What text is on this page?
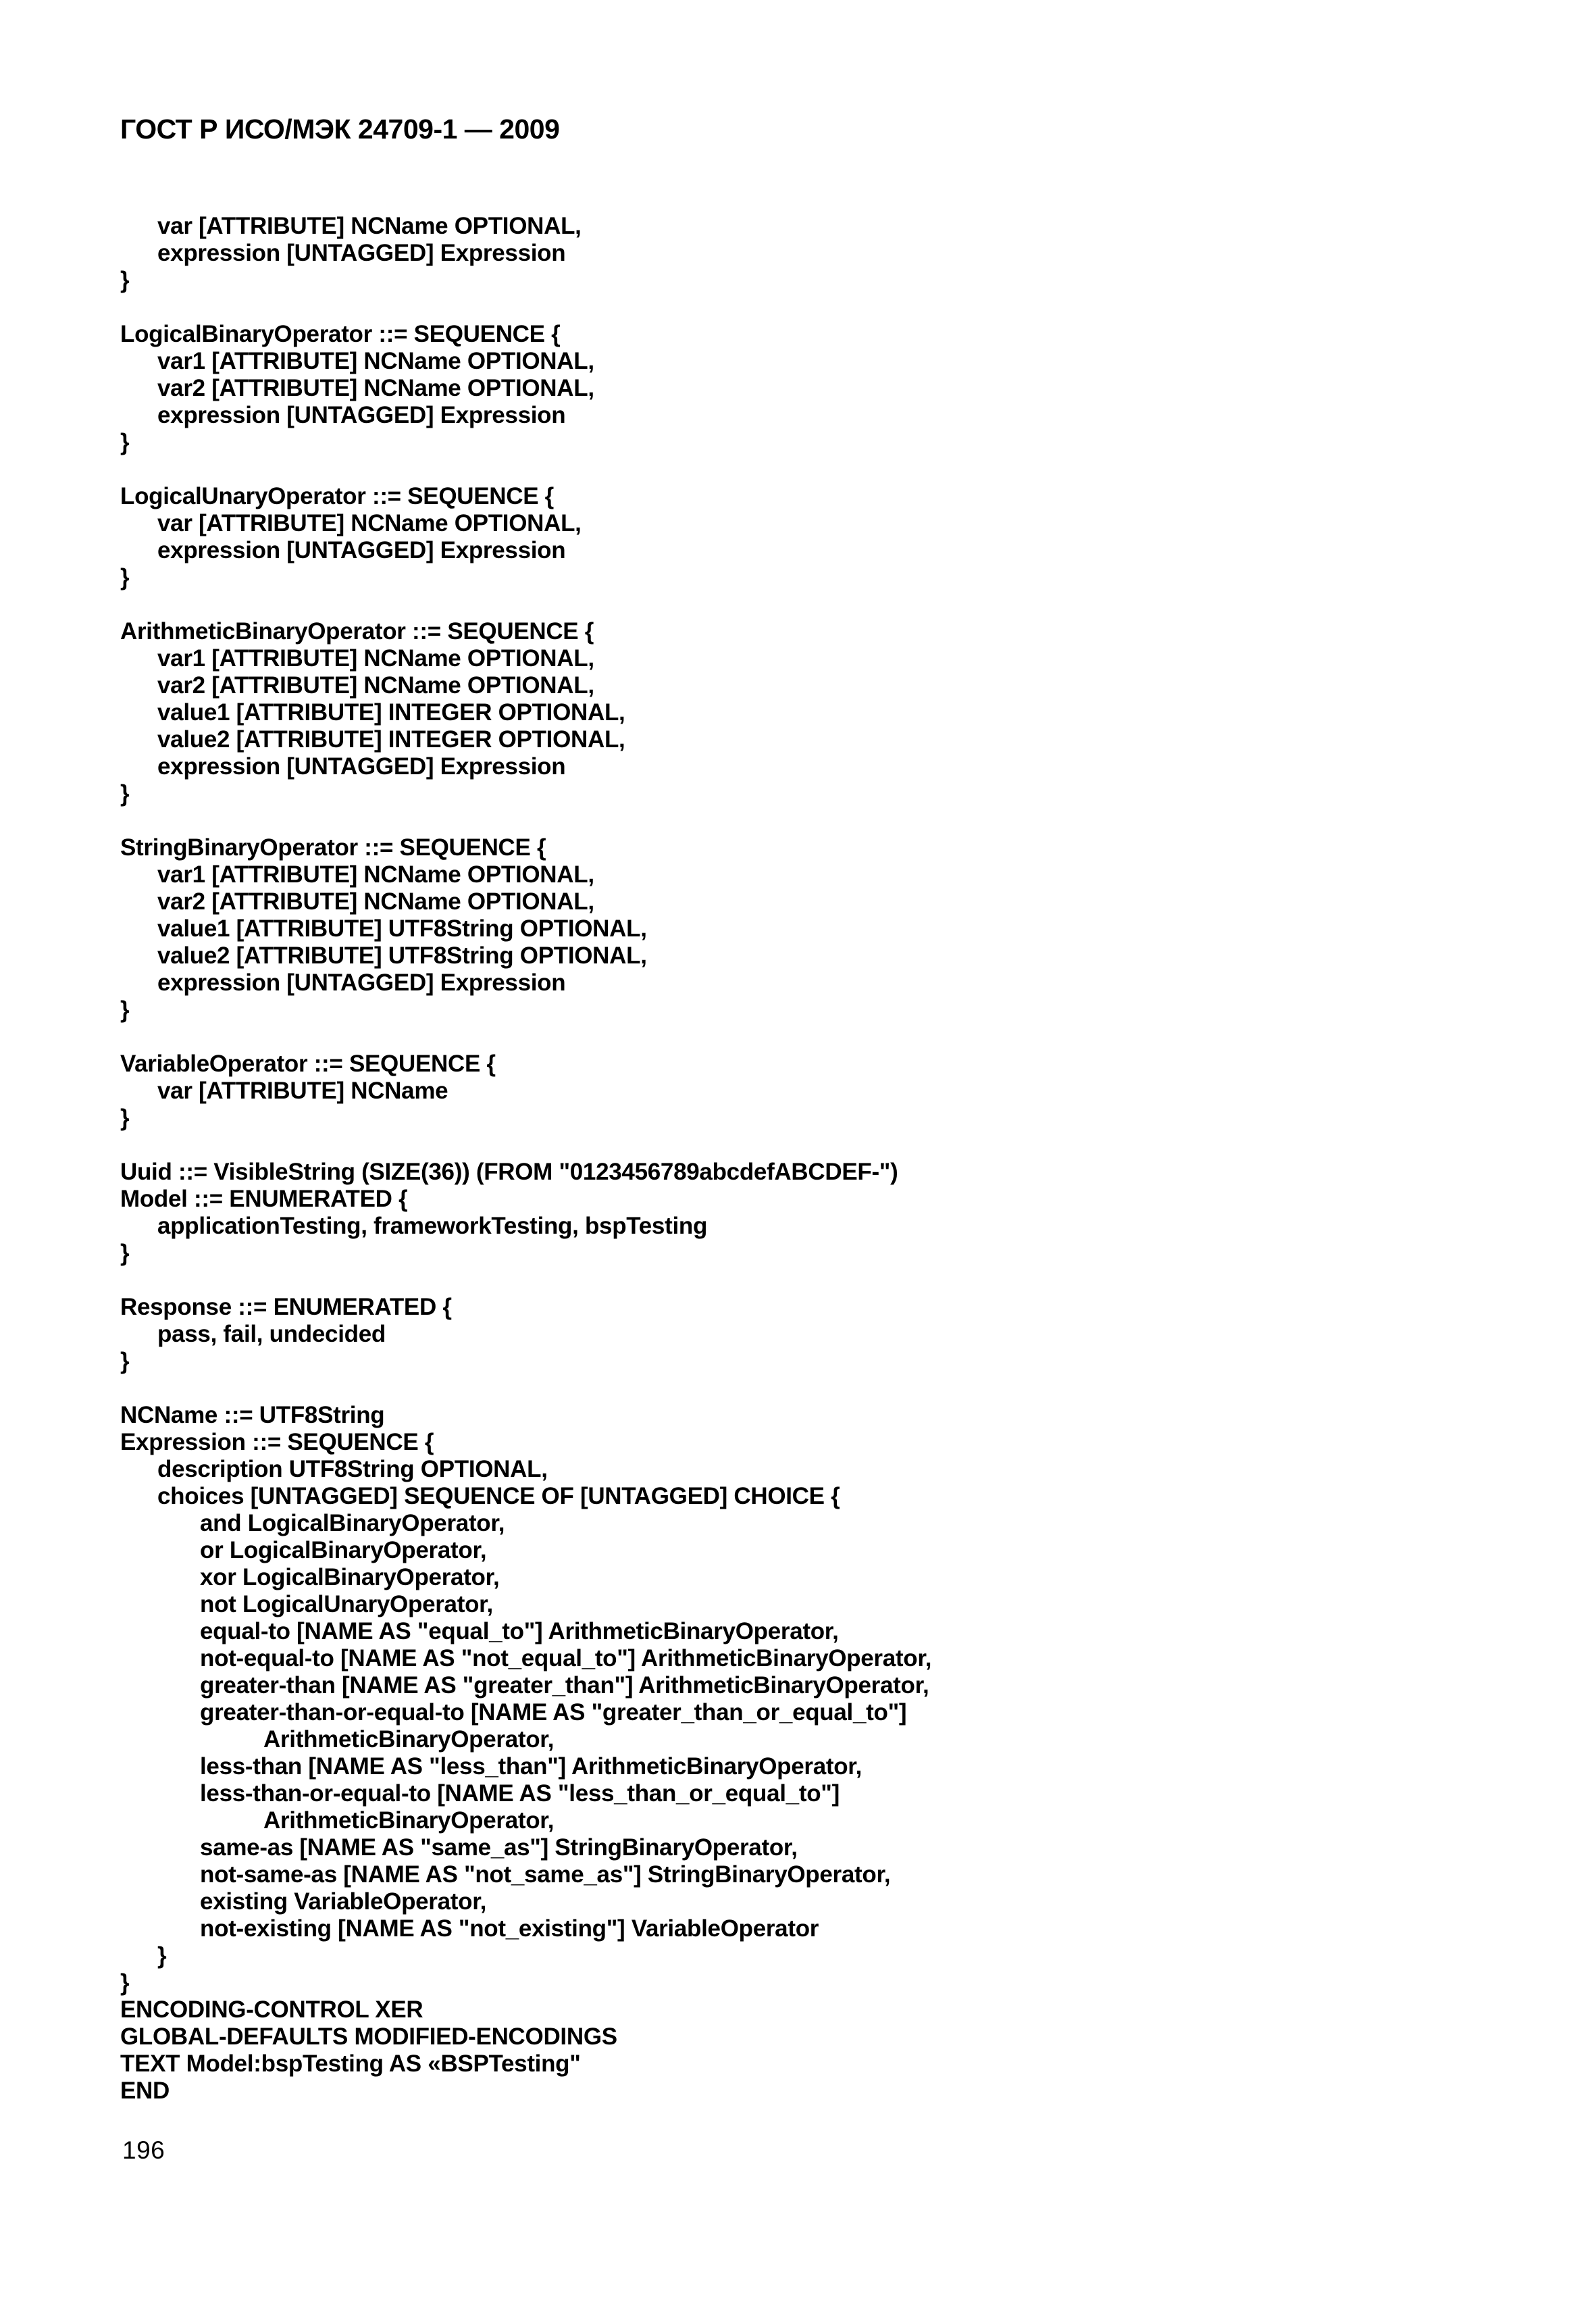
ГОСТ Р ИСО/МЭК 24709-1 — 2009
var [ATTRIBUTE] NCName OPTIONAL,
expression [UNTAGGED] Expression
}

LogicalBinaryOperator ::= SEQUENCE {
var1 [ATTRIBUTE] NCName OPTIONAL,
var2 [ATTRIBUTE] NCName OPTIONAL,
expression [UNTAGGED] Expression
}

LogicalUnaryOperator ::= SEQUENCE {
var [ATTRIBUTE] NCName OPTIONAL,
expression [UNTAGGED] Expression
}

ArithmeticBinaryOperator ::= SEQUENCE {
var1 [ATTRIBUTE] NCName OPTIONAL,
var2 [ATTRIBUTE] NCName OPTIONAL,
value1 [ATTRIBUTE] INTEGER OPTIONAL,
value2 [ATTRIBUTE] INTEGER OPTIONAL,
expression [UNTAGGED] Expression
}

StringBinaryOperator ::= SEQUENCE {
var1 [ATTRIBUTE] NCName OPTIONAL,
var2 [ATTRIBUTE] NCName OPTIONAL,
value1 [ATTRIBUTE] UTF8String OPTIONAL,
value2 [ATTRIBUTE] UTF8String OPTIONAL,
expression [UNTAGGED] Expression
}

VariableOperator ::= SEQUENCE {
var [ATTRIBUTE] NCName
}

Uuid ::= VisibleString (SIZE(36)) (FROM "0123456789abcdefABCDEF-")
Model ::= ENUMERATED {
applicationTesting, frameworkTesting, bspTesting
}

Response ::= ENUMERATED {
pass, fail, undecided
}

NCName ::= UTF8String
Expression ::= SEQUENCE {
description UTF8String OPTIONAL,
choices [UNTAGGED] SEQUENCE OF [UNTAGGED] CHOICE {
and LogicalBinaryOperator,
or LogicalBinaryOperator,
xor LogicalBinaryOperator,
not LogicalUnaryOperator,
equal-to [NAME AS "equal_to"] ArithmeticBinaryOperator,
not-equal-to [NAME AS "not_equal_to"] ArithmeticBinaryOperator,
greater-than [NAME AS "greater_than"] ArithmeticBinaryOperator,
greater-than-or-equal-to [NAME AS "greater_than_or_equal_to"]
ArithmeticBinaryOperator,
less-than [NAME AS "less_than"] ArithmeticBinaryOperator,
less-than-or-equal-to [NAME AS "less_than_or_equal_to"]
ArithmeticBinaryOperator,
same-as [NAME AS "same_as"] StringBinaryOperator,
not-same-as [NAME AS "not_same_as"] StringBinaryOperator,
existing VariableOperator,
not-existing [NAME AS "not_existing"] VariableOperator
}
}
ENCODING-CONTROL XER
GLOBAL-DEFAULTS MODIFIED-ENCODINGS
TEXT Model:bspTesting AS «BSPTesting"
END
196
